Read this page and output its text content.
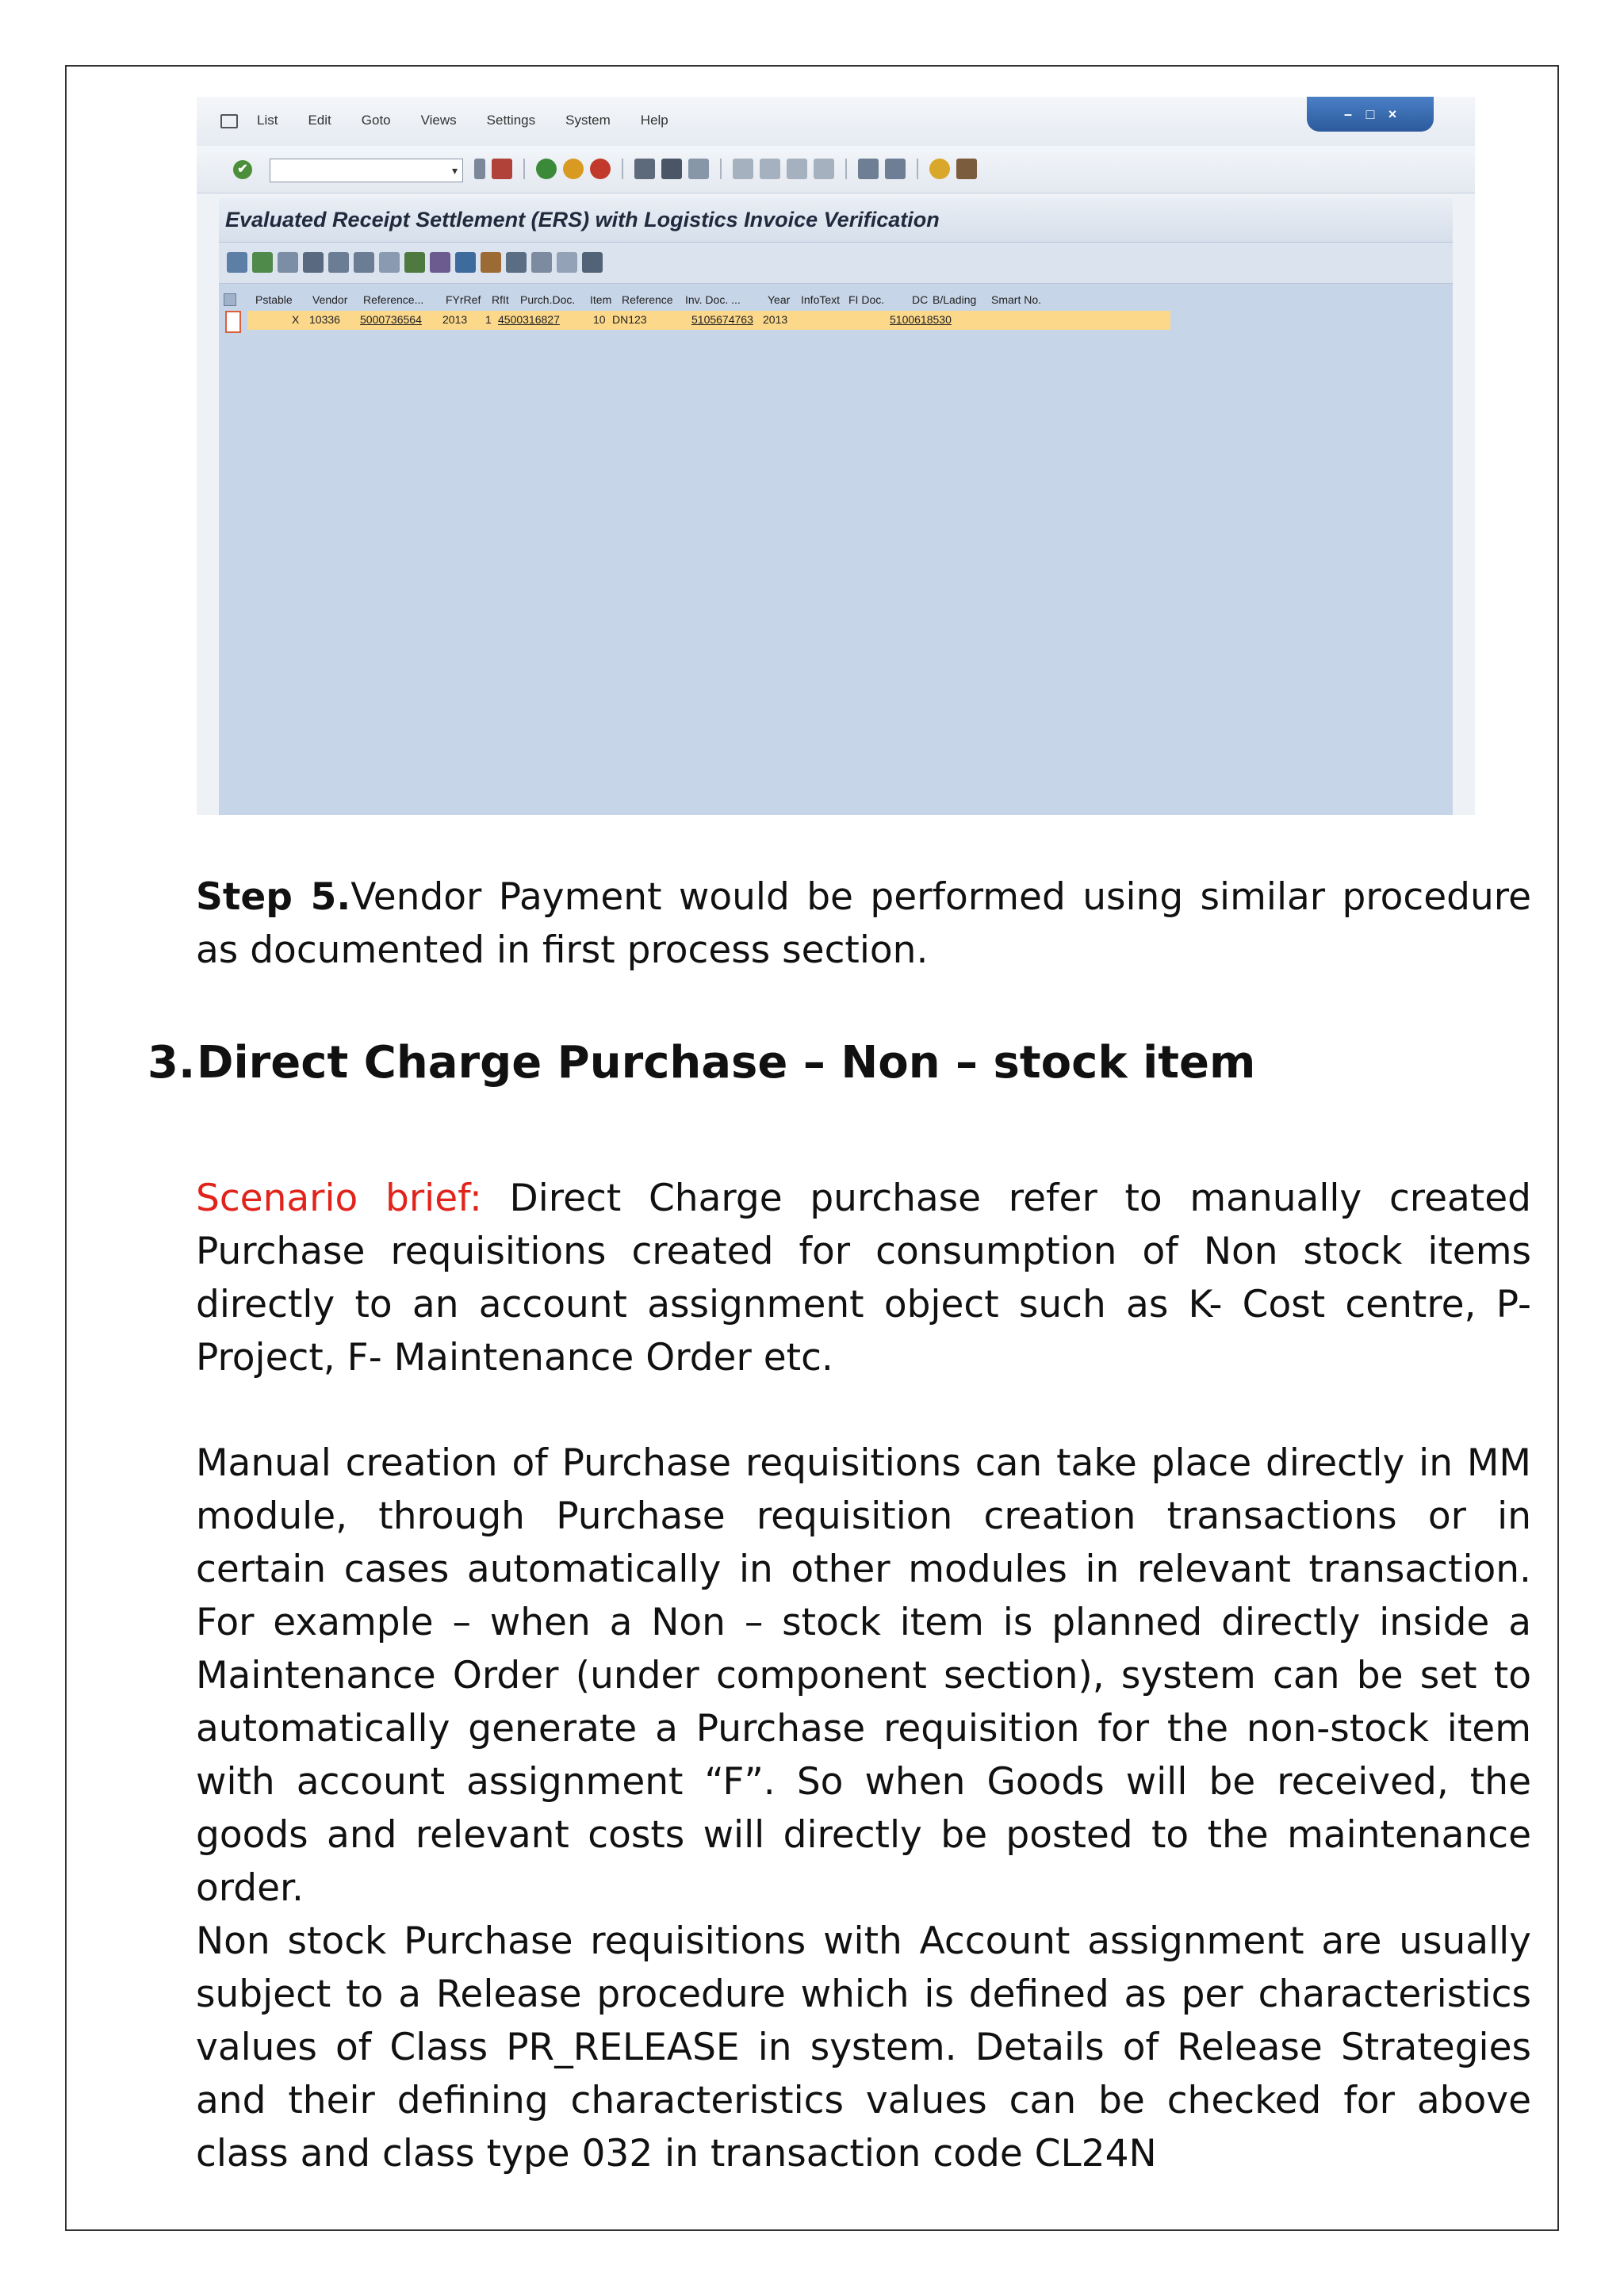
List Edit Goto Views Settings System Help	– □ ×
✔	▾
Evaluated Receipt Settlement (ERS) with Logistics Invoice Verification
Pstable Vendor Reference... FYrRef RfIt Purch.Doc. Item Reference Inv. Doc. ... Year InfoText FI Doc. DC B/Lading Smart No.
X 10336 5000736564 2013 1 4500316827	10 DN123	5105674763 2013	5100618530
Step 5.Vendor Payment would be performed using similar procedure as documented in first process section.
3.Direct Charge Purchase – Non – stock item
Scenario brief: Direct Charge purchase refer to manually created Purchase requisitions created for consumption of Non stock items directly to an account assignment object such as K- Cost centre, P- Project, F- Maintenance Order etc.
Manual creation of Purchase requisitions can take place directly in MM module, through Purchase requisition creation transactions or in certain cases automatically in other modules in relevant transaction. For example – when a Non – stock item is planned directly inside a Maintenance Order (under component section), system can be set to automatically generate a Purchase requisition for the non-stock item with account assignment “F”. So when Goods will be received, the goods and relevant costs will directly be posted to the maintenance order.
Non stock Purchase requisitions with Account assignment are usually subject to a Release procedure which is defined as per characteristics values of Class PR_RELEASE in system. Details of Release Strategies and their defining characteristics values can be checked for above class and class type 032 in transaction code CL24N
